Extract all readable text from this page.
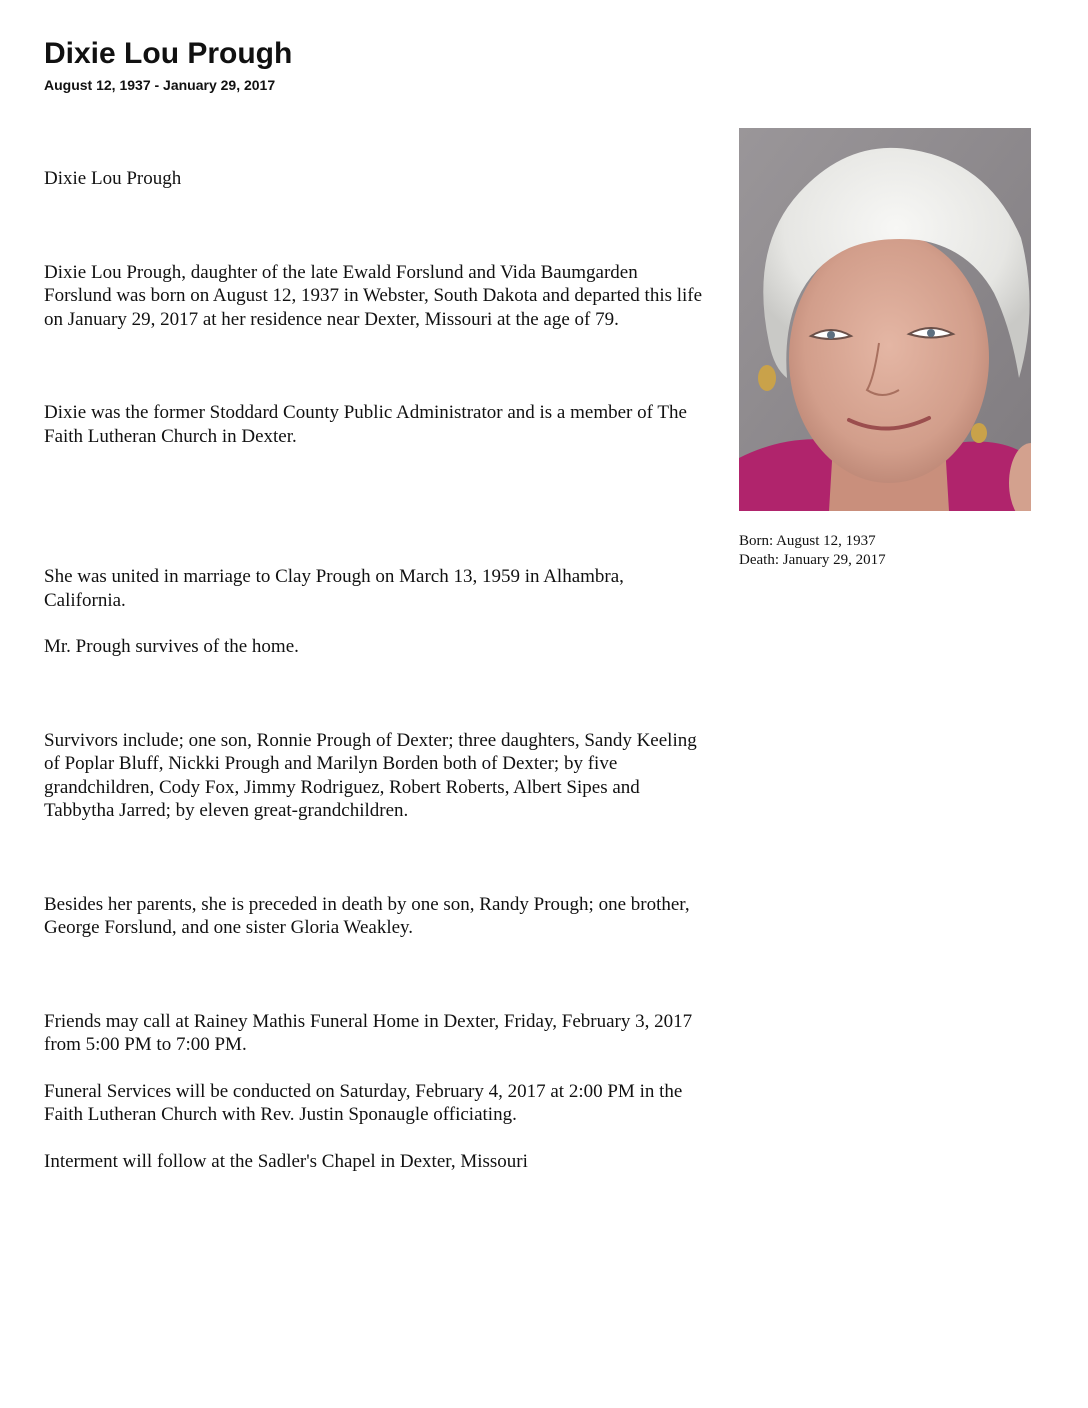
Dixie Lou Prough
August 12, 1937 - January 29, 2017

Dixie Lou Prough

Dixie Lou Prough, daughter of the late Ewald Forslund and Vida Baumgarden Forslund was born on August 12, 1937 in Webster, South Dakota and departed this life on January 29, 2017 at her residence near Dexter, Missouri at the age of 79.

Dixie was the former Stoddard County Public Administrator and is a member of The Faith Lutheran Church in Dexter.

She was united in marriage to Clay Prough on March 13, 1959 in Alhambra, California.

Mr. Prough survives of the home.

Survivors include; one son, Ronnie Prough of Dexter; three daughters, Sandy Keeling of Poplar Bluff, Nickki Prough and Marilyn Borden both of Dexter; by five grandchildren, Cody Fox, Jimmy Rodriguez, Robert Roberts, Albert Sipes and Tabbytha Jarred; by eleven great-grandchildren.

Besides her parents, she is preceded in death by one son, Randy Prough; one brother, George Forslund, and one sister Gloria Weakley.

Friends may call at Rainey Mathis Funeral Home in Dexter, Friday, February 3, 2017 from 5:00 PM to 7:00 PM.

Funeral Services will be conducted on Saturday, February 4, 2017 at 2:00 PM in the Faith Lutheran Church with Rev. Justin Sponaugle officiating.

Interment will follow at the Sadler's Chapel in Dexter, Missouri

Born: August 12, 1937
Death: January 29, 2017
